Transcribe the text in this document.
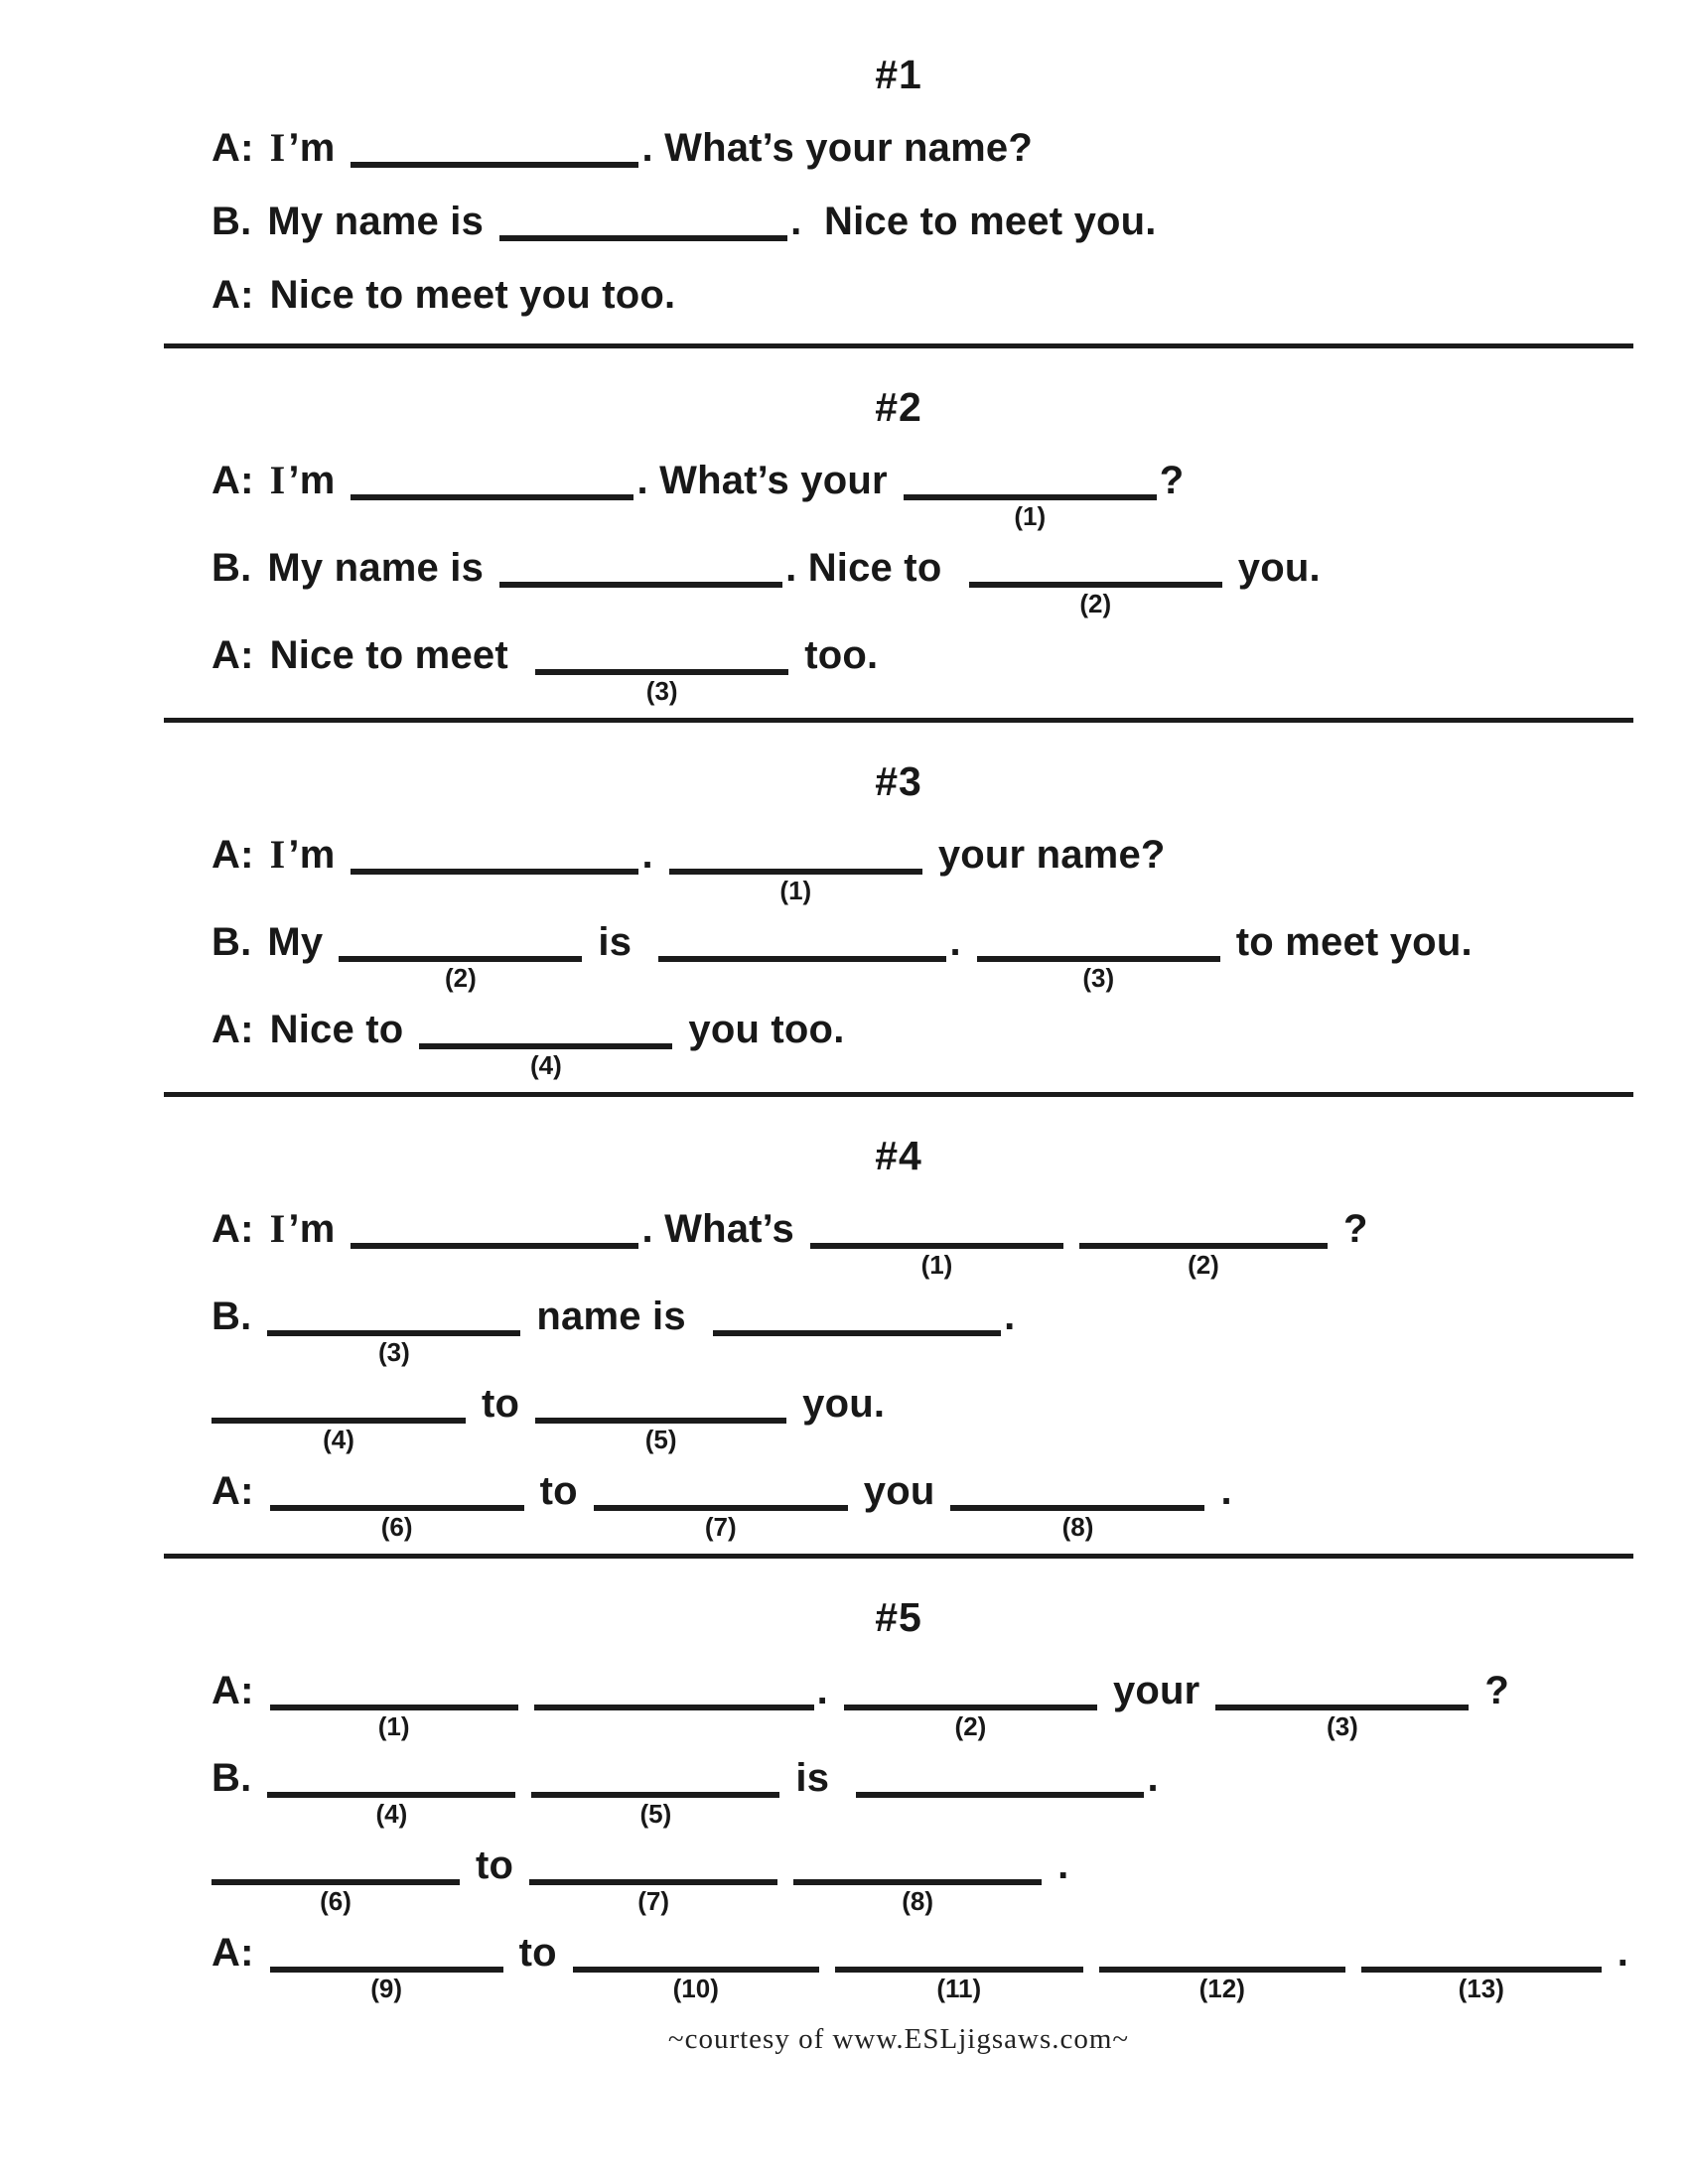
#1
A: I ’m	. What’s your name?
B. My name is	.  Nice to meet you.
A: Nice to meet you too.
#2
A: I ’m	. What’s your
(1)
?
B. My name is	. Nice to
(2)
you.
A: Nice to meet
(3)
too.
#3
A: I ’m	.
(1)
your name?
B. My
(2)
is	.
(3)
to meet you.
A: Nice to
(4)
you too.
#4
A: I ’m	. What’s
(1)	(2)
?
B.
(3)
name is	.
(4)
to
(5)
you.
A:
(6)
to
(7)
you
(8)
.
#5
A:
(1)
.
(2)
your
(3)
?
B.
(4)	(5)
is	.
(6)
to
(7)	(8)
.
A:
(9)
to
(10)	(11)	(12)	(13)
.
~courtesy of www.ESLjigsaws.com~
